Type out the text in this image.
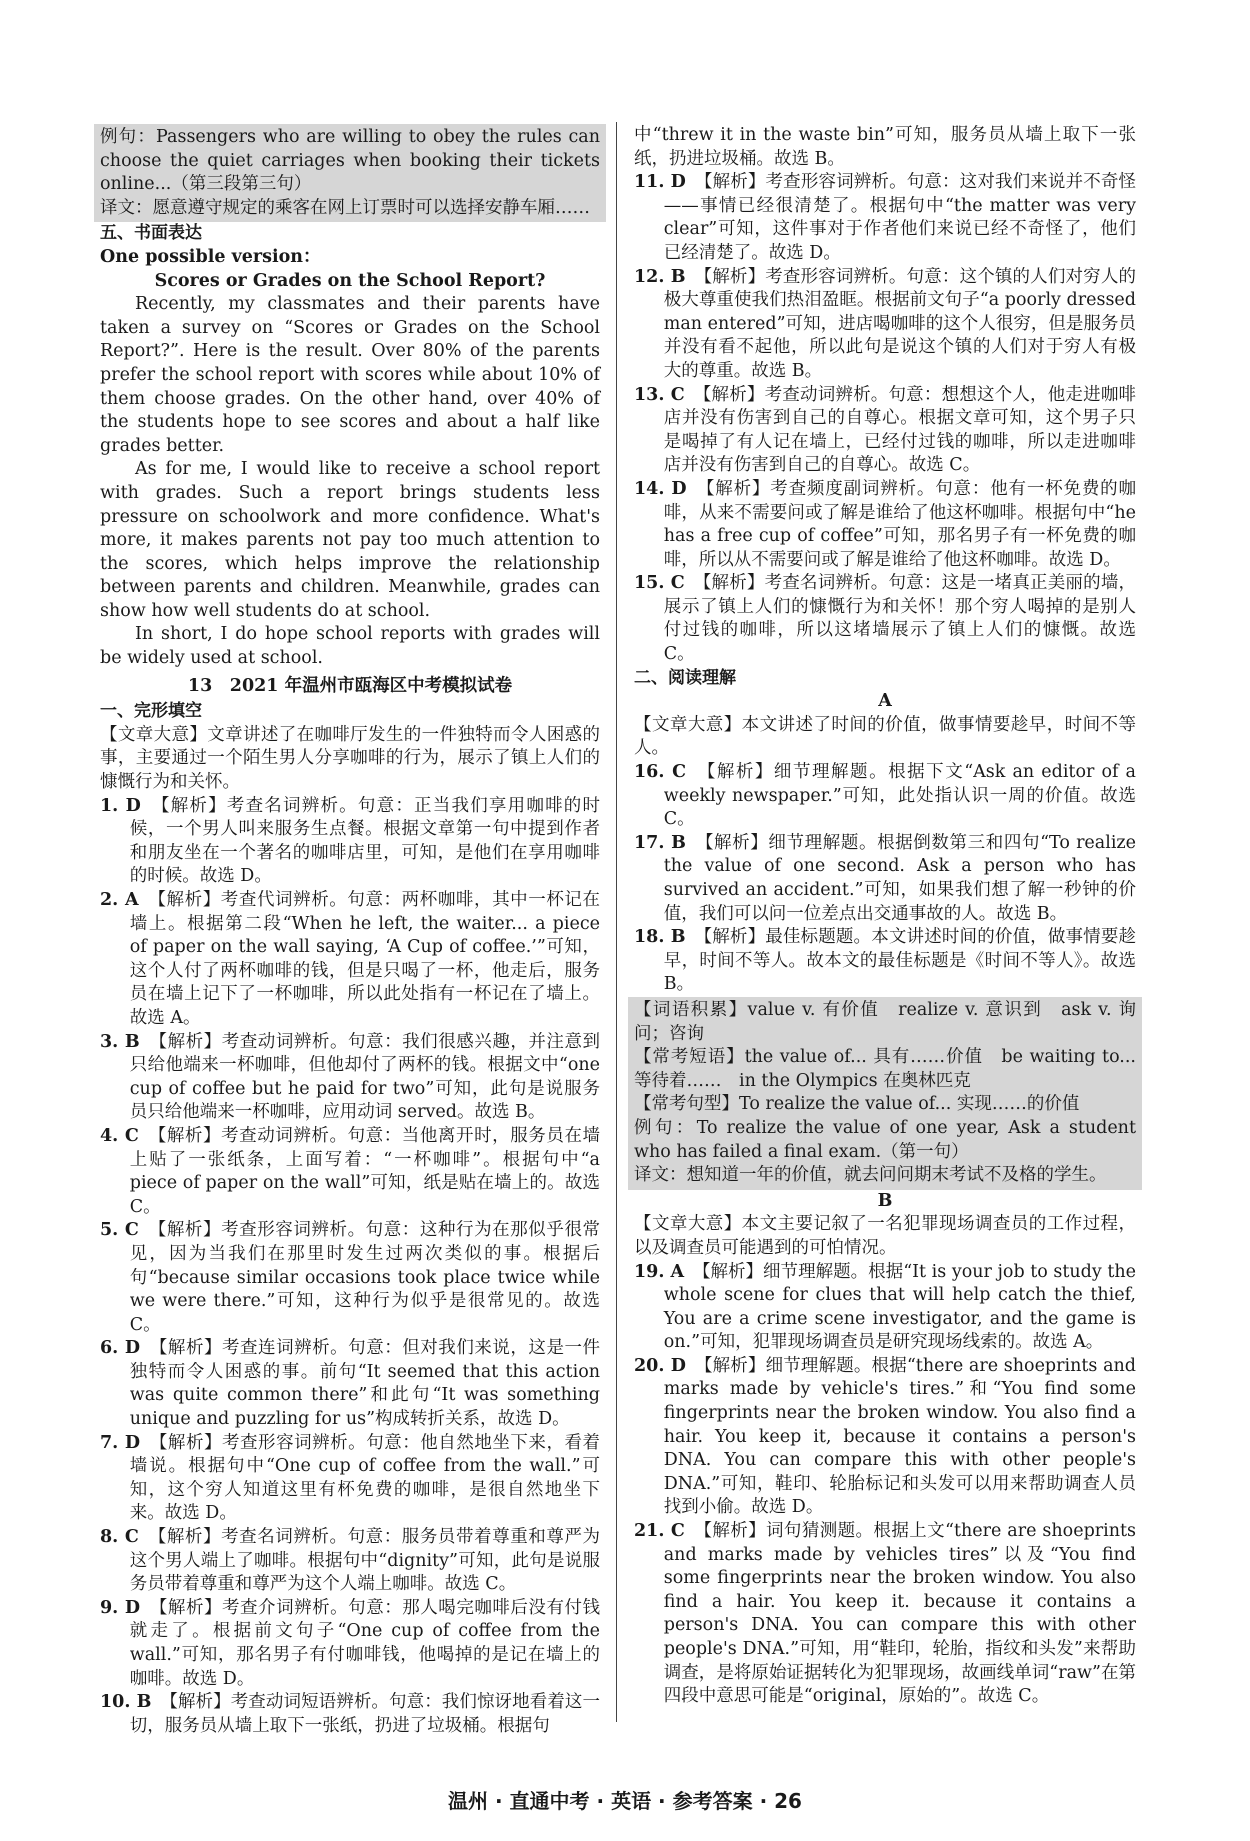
例句：Passengers who are willing to obey the rules can choose the quiet carriages when booking their tickets online...（第三段第三句）

译文：愿意遵守规定的乘客在网上订票时可以选择安静车厢……

五、书面表达
One possible version：
Scores or Grades on the School Report?

Recently, my classmates and their parents have taken a survey on “Scores or Grades on the School Report?”. Here is the result. Over 80% of the parents prefer the school report with scores while about 10% of them choose grades. On the other hand, over 40% of the students hope to see scores and about a half like grades better.

As for me, I would like to receive a school report with grades. Such a report brings students less pressure on schoolwork and more confidence. What's more, it makes parents not pay too much attention to the scores, which helps improve the relationship between parents and children. Meanwhile, grades can show how well students do at school.

In short, I do hope school reports with grades will be widely used at school.

13　2021 年温州市瓯海区中考模拟试卷
一、完形填空

【文章大意】文章讲述了在咖啡厅发生的一件独特而令人困惑的事，主要通过一个陌生男人分享咖啡的行为，展示了镇上人们的慷慨行为和关怀。

1. D　 【解析】考查名词辨析。句意：正当我们享用咖啡的时候，一个男人叫来服务生点餐。根据文章第一句中提到作者和朋友坐在一个著名的咖啡店里，可知，是他们在享用咖啡的时候。故选 D。

2. A　 【解析】考查代词辨析。句意：两杯咖啡，其中一杯记在墙上。根据第二段“When he left, the waiter... a piece of paper on the wall saying, ‘A Cup of coffee.’”可知，这个人付了两杯咖啡的钱，但是只喝了一杯，他走后，服务员在墙上记下了一杯咖啡，所以此处指有一杯记在了墙上。故选 A。

3. B　 【解析】考查动词辨析。句意：我们很感兴趣，并注意到只给他端来一杯咖啡，但他却付了两杯的钱。根据文中“one cup of coffee but he paid for two”可知，此句是说服务员只给他端来一杯咖啡，应用动词 served。故选 B。

4. C　 【解析】考查动词辨析。句意：当他离开时，服务员在墙上贴了一张纸条，上面写着：“一杯咖啡”。根据句中“a piece of paper on the wall”可知，纸是贴在墙上的。故选 C。

5. C　 【解析】考查形容词辨析。句意：这种行为在那似乎很常见，因为当我们在那里时发生过两次类似的事。根据后句“because similar occasions took place twice while we were there.”可知，这种行为似乎是很常见的。故选 C。

6. D　 【解析】考查连词辨析。句意：但对我们来说，这是一件独特而令人困惑的事。前句“It seemed that this action was quite common there”和此句“It was something unique and puzzling for us”构成转折关系，故选 D。

7. D　 【解析】考查形容词辨析。句意：他自然地坐下来，看着墙说。根据句中“One cup of coffee from the wall.”可知，这个穷人知道这里有杯免费的咖啡，是很自然地坐下来。故选 D。

8. C　 【解析】考查名词辨析。句意：服务员带着尊重和尊严为这个男人端上了咖啡。根据句中“dignity”可知，此句是说服务员带着尊重和尊严为这个人端上咖啡。故选 C。

9. D　 【解析】考查介词辨析。句意：那人喝完咖啡后没有付钱就走了。根据前文句子“One cup of coffee from the wall.”可知，那名男子有付咖啡钱，他喝掉的是记在墙上的咖啡。故选 D。

10. B　 【解析】考查动词短语辨析。句意：我们惊讶地看着这一切，服务员从墙上取下一张纸，扔进了垃圾桶。根据句

中“threw it in the waste bin”可知，服务员从墙上取下一张纸，扔进垃圾桶。故选 B。

11. D　 【解析】考查形容词辨析。句意：这对我们来说并不奇怪——事情已经很清楚了。根据句中“the matter was very clear”可知，这件事对于作者他们来说已经不奇怪了，他们已经清楚了。故选 D。

12. B　 【解析】考查形容词辨析。句意：这个镇的人们对穷人的极大尊重使我们热泪盈眶。根据前文句子“a poorly dressed man entered”可知，进店喝咖啡的这个人很穷，但是服务员并没有看不起他，所以此句是说这个镇的人们对于穷人有极大的尊重。故选 B。

13. C　 【解析】考查动词辨析。句意：想想这个人，他走进咖啡店并没有伤害到自己的自尊心。根据文章可知，这个男子只是喝掉了有人记在墙上，已经付过钱的咖啡，所以走进咖啡店并没有伤害到自己的自尊心。故选 C。

14. D　 【解析】考查频度副词辨析。句意：他有一杯免费的咖啡，从来不需要问或了解是谁给了他这杯咖啡。根据句中“he has a free cup of coffee”可知，那名男子有一杯免费的咖啡，所以从不需要问或了解是谁给了他这杯咖啡。故选 D。

15. C　 【解析】考查名词辨析。句意：这是一堵真正美丽的墙，展示了镇上人们的慷慨行为和关怀！那个穷人喝掉的是别人付过钱的咖啡，所以这堵墙展示了镇上人们的慷慨。故选 C。

二、阅读理解
A

【文章大意】本文讲述了时间的价值，做事情要趁早，时间不等人。

16. C　 【解析】细节理解题。根据下文“Ask an editor of a weekly newspaper.”可知，此处指认识一周的价值。故选 C。

17. B　 【解析】细节理解题。根据倒数第三和四句“To realize the value of one second. Ask a person who has survived an accident.”可知，如果我们想了解一秒钟的价值，我们可以问一位差点出交通事故的人。故选 B。

18. B　 【解析】最佳标题题。本文讲述时间的价值，做事情要趁早，时间不等人。故本文的最佳标题是《时间不等人》。故选 B。

【词语积累】value v. 有价值　realize v. 意识到　ask v. 询问；咨询

【常考短语】the value of... 具有……价值　be waiting to... 等待着……　in the Olympics 在奥林匹克

【常考句型】To realize the value of... 实现……的价值

例句：To realize the value of one year, Ask a student who has failed a final exam.（第一句）

译文：想知道一年的价值，就去问问期末考试不及格的学生。

B

【文章大意】本文主要记叙了一名犯罪现场调查员的工作过程，以及调查员可能遇到的可怕情况。

19. A　 【解析】细节理解题。根据“It is your job to study the whole scene for clues that will help catch the thief, You are a crime scene investigator, and the game is on.”可知，犯罪现场调查员是研究现场线索的。故选 A。

20. D　 【解析】细节理解题。根据“there are shoeprints and marks made by vehicle's tires.”和“You find some fingerprints near the broken window. You also find a hair. You keep it, because it contains a person's DNA. You can compare this with other people's DNA.”可知，鞋印、轮胎标记和头发可以用来帮助调查人员找到小偷。故选 D。

21. C　 【解析】词句猜测题。根据上文“there are shoeprints and marks made by vehicles tires”以及“You find some fingerprints near the broken window. You also find a hair. You keep it. because it contains a person's DNA. You can compare this with other people's DNA.”可知，用“鞋印，轮胎，指纹和头发”来帮助调查，是将原始证据转化为犯罪现场，故画线单词“raw”在第四段中意思可能是“original，原始的”。故选 C。

温州 · 直通中考 · 英语 · 参考答案 · 26
